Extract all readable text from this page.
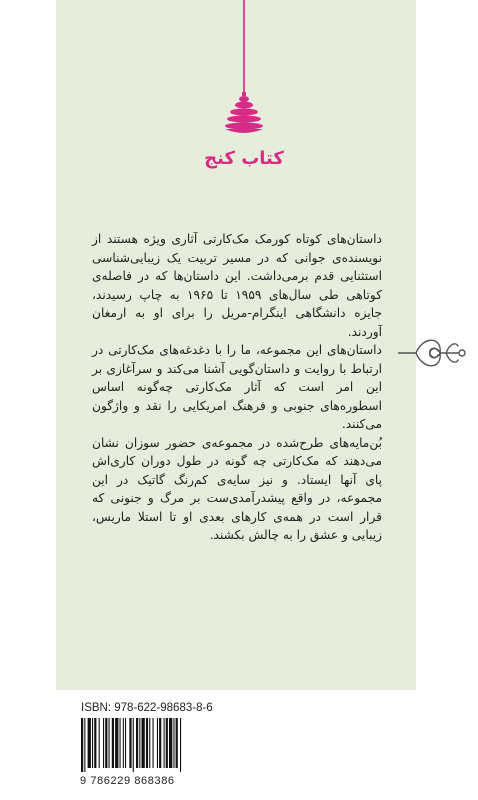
کتاب کنج

داستان‌های کوتاه کورمک مک‌کارتی آثاری ویژه هستند از نویسنده‌ی جوانی که در مسیر تربیت یک زیبایی‌شناسی استثنایی قدم برمی‌داشت. این داستان‌ها که در فاصله‌ی کوتاهی طی سال‌های ۱۹۵۹ تا ۱۹۶۵ به چاپ رسیدند، جایزه دانشگاهی اینگرام-مریل را برای او به ارمغان آوردند.

داستان‌های این مجموعه، ما را با دغدغه‌های مک‌کارتی در ارتباط با روایت و داستان‌گویی آشنا می‌کند و سرآغازی بر این امر است که آثار مک‌کارتی چه‌گونه اساس اسطوره‌های جنوبی و فرهنگ امریکایی را نقد و واژگون می‌کنند.

بُن‌مایه‌های طرح‌شده در مجموعه‌ی حضور سوزان نشان می‌دهند که مک‌کارتی چه گونه در طول دوران کاری‌اش پای آنها ایستاد. و نیز سایه‌ی کم‌رنگ گاتیک در این مجموعه، در واقع پیشدرآمدی‌ست بر مرگ و جنونی که قرار است در همه‌ی کارهای بعدی او تا استلا ماریس، زیبایی و عشق را به چالش بکشند.

ISBN: 978-622-98683-8-6
9 786229 868386
